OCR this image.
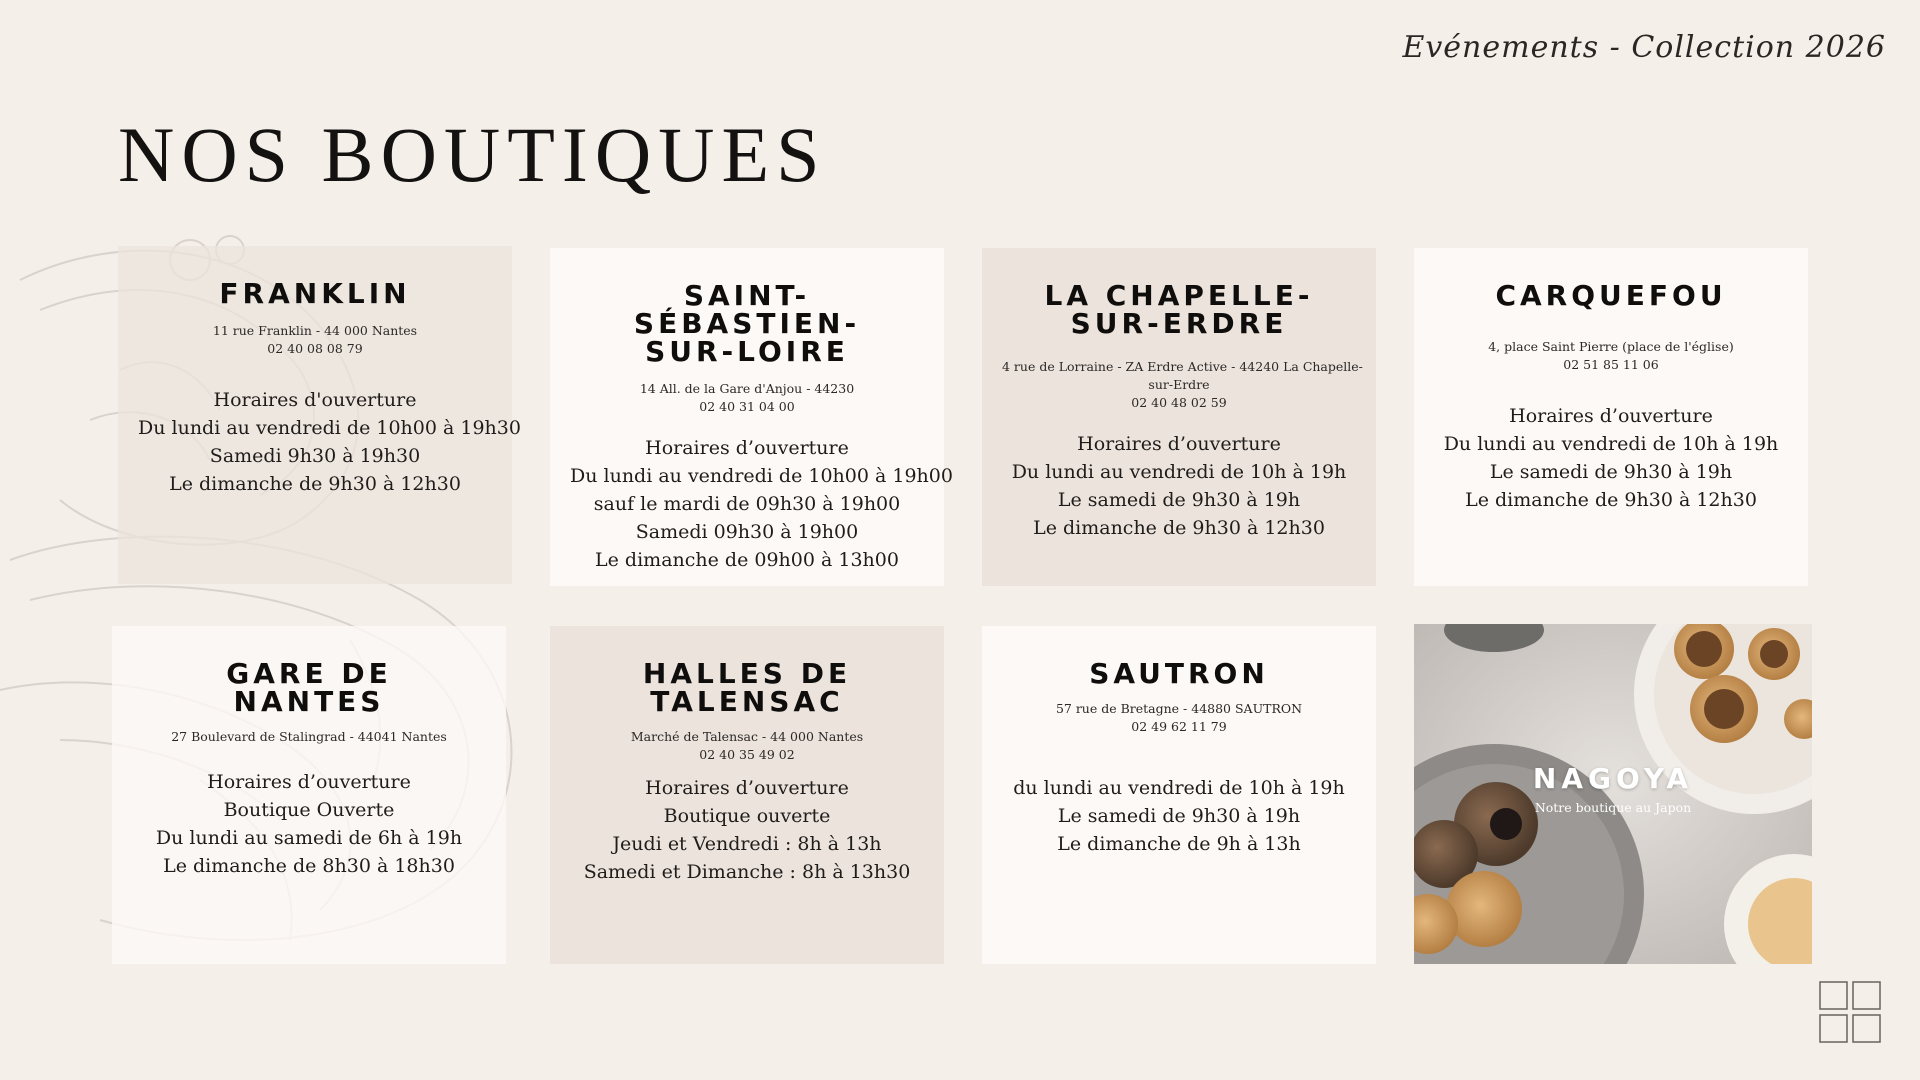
Evénements - Collection 2026
NOS BOUTIQUES
FRANKLIN
11 rue Franklin - 44 000 Nantes
02 40 08 08 79
Horaires d'ouverture
Du lundi au vendredi de 10h00 à 19h30
Samedi 9h30 à 19h30
Le dimanche de 9h30 à 12h30
SAINT- SÉBASTIEN-
SUR-LOIRE
14 All. de la Gare d'Anjou - 44230
02 40 31 04 00
Horaires d’ouverture
Du lundi au vendredi de 10h00 à 19h00
sauf le mardi de 09h30 à 19h00
Samedi 09h30 à 19h00
Le dimanche de 09h00 à 13h00
LA CHAPELLE-
SUR-ERDRE
4 rue de Lorraine - ZA Erdre Active - 44240 La Chapelle-
sur-Erdre
02 40 48 02 59
Horaires d’ouverture
Du lundi au vendredi de 10h à 19h
Le samedi de 9h30 à 19h
Le dimanche de 9h30 à 12h30
CARQUEFOU
4, place Saint Pierre (place de l'église)
02 51 85 11 06
Horaires d’ouverture
Du lundi au vendredi de 10h à 19h
Le samedi de 9h30 à 19h
Le dimanche de 9h30 à 12h30
GARE DE
NANTES
27 Boulevard de Stalingrad - 44041 Nantes
Horaires d’ouverture
Boutique Ouverte
Du lundi au samedi de 6h à 19h
Le dimanche de 8h30 à 18h30
HALLES DE
TALENSAC
Marché de Talensac - 44 000 Nantes
02 40 35 49 02
Horaires d’ouverture
Boutique ouverte
Jeudi et Vendredi : 8h à 13h
Samedi et Dimanche : 8h à 13h30
SAUTRON
57 rue de Bretagne - 44880 SAUTRON
02 49 62 11 79
du lundi au vendredi de 10h à 19h
Le samedi de 9h30 à 19h
Le dimanche de 9h à 13h
NAGOYA
Notre boutique au Japon
